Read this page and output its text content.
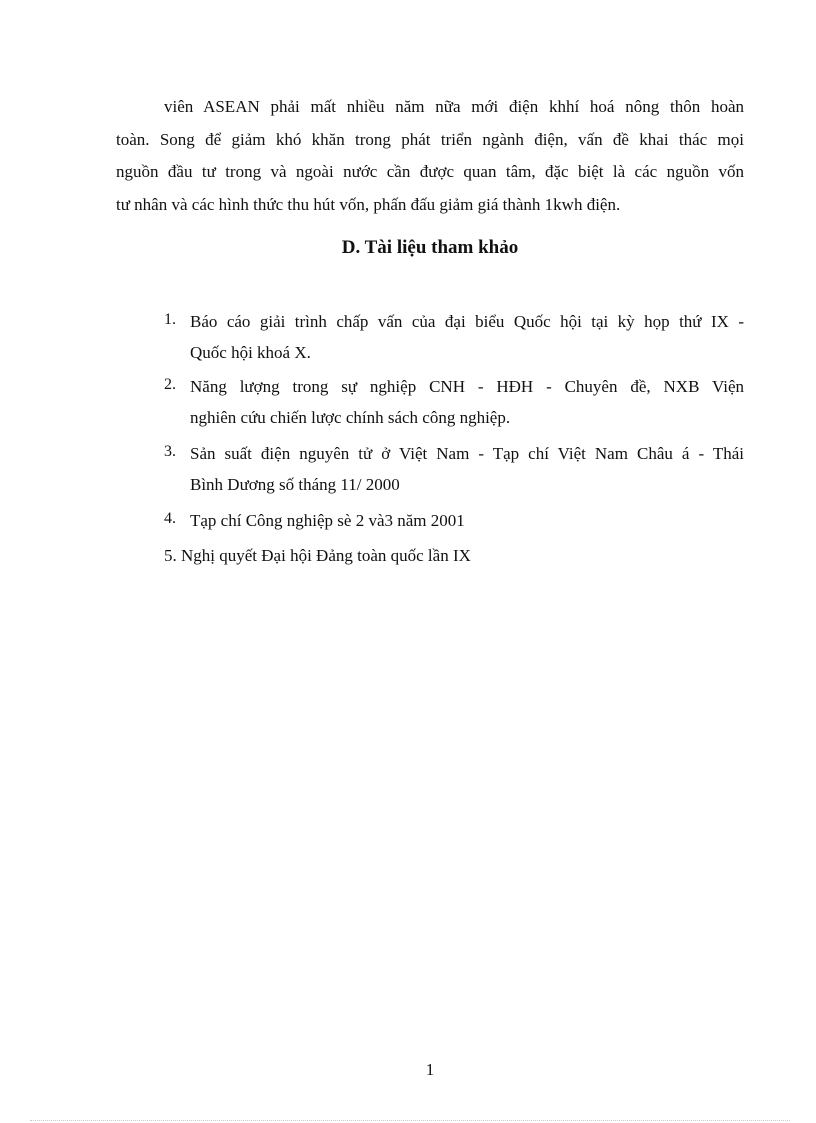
viên ASEAN phải mất nhiều năm nữa mới điện khhí hoá nông thôn hoàn
toàn. Song để giảm khó khăn trong phát triển ngành điện, vấn đề khai thác mọi
nguồn đầu tư trong và ngoài nước cần được quan tâm, đặc biệt là các nguồn vốn
tư nhân và các hình thức thu hút vốn, phấn đấu giảm giá thành 1kwh điện.
D. Tài liệu tham khảo
1. Báo cáo giải trình chấp vấn của đại biểu Quốc hội tại kỳ họp thứ IX -
Quốc hội khoá X.
2. Năng lượng trong sự nghiệp CNH - HĐH - Chuyên đề, NXB Viện
nghiên cứu chiến lược chính sách công nghiệp.
3. Sản suất điện nguyên tử ở Việt Nam - Tạp chí Việt Nam Châu á - Thái
Bình Dương số tháng 11/ 2000
4. Tạp chí Công nghiệp sè 2 và3 năm 2001
5. Nghị quyết Đại hội Đảng toàn quốc lần IX
1
